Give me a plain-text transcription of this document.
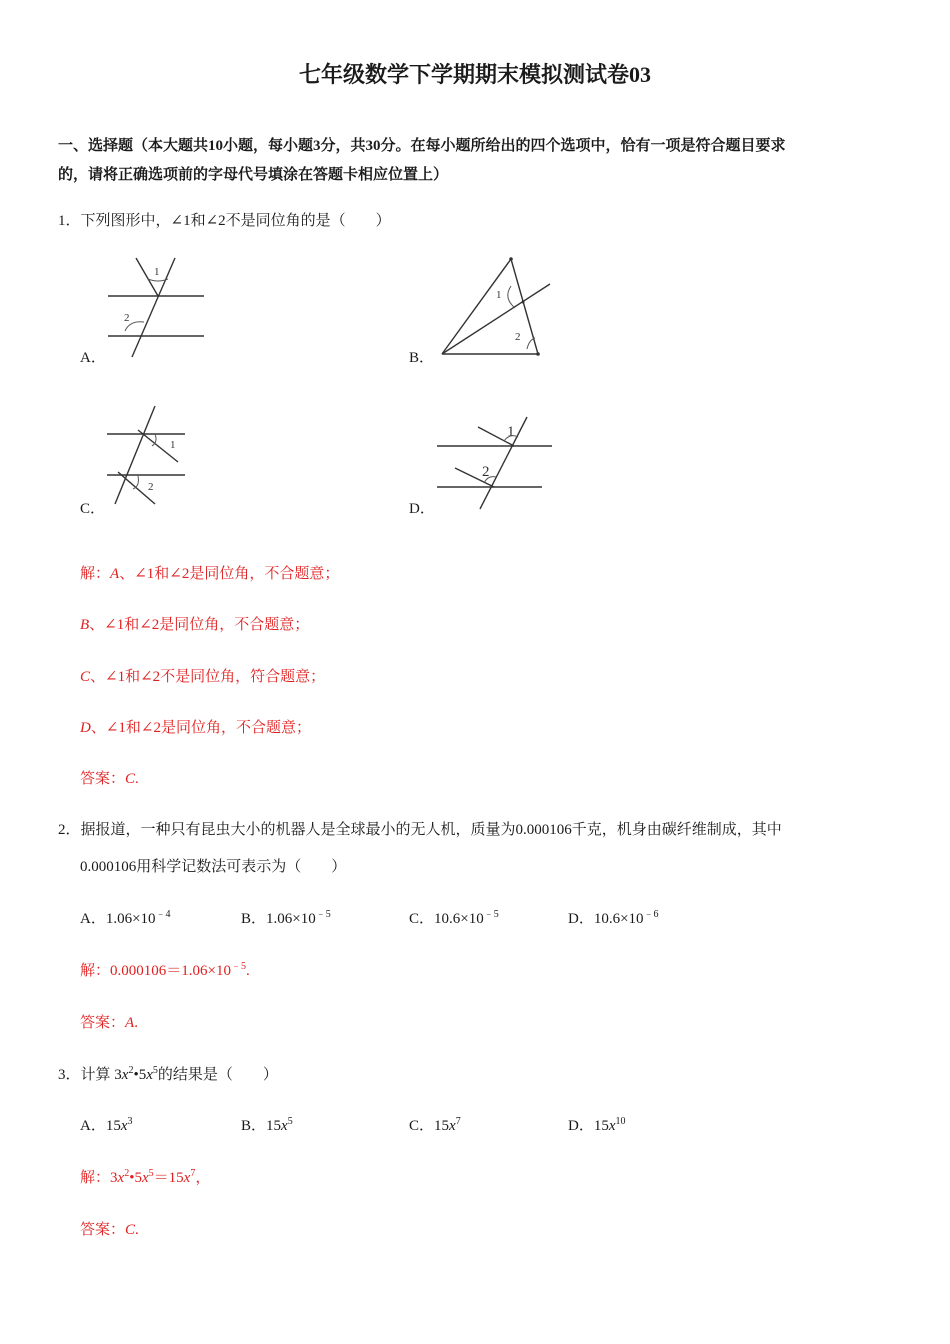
七年级数学下学期期末模拟测试卷03
一、选择题（本大题共10小题，每小题3分，共30分。在每小题所给出的四个选项中，恰有一项是符合题目要求
的，请将正确选项前的字母代号填涂在答题卡相应位置上）
1．下列图形中，∠1和∠2不是同位角的是（　　）
A．	B．
C．	D．
1
2
1
2
1
2
1
2
解：A、∠1和∠2是同位角，不合题意；
B、∠1和∠2是同位角，不合题意；
C、∠1和∠2不是同位角，符合题意；
D、∠1和∠2是同位角，不合题意；
答案：C.
2．据报道，一种只有昆虫大小的机器人是全球最小的无人机，质量为0.000106千克，机身由碳纤维制成，其中
0.000106用科学记数法可表示为（　　）
A．$1.06\times 10^{﹣4}$	B．$1.06\times 10^{﹣5}$	C．$10.6\times 10^{﹣5}$	D．$10.6\times 10^{﹣6}$
解：$0.000106=1.06\times 10^{﹣5}$.
答案：A.
3．计算 $3x^2•5x^5$的结果是（　　）
A．$15x^3$	B．$15x^5$	C．$15x^7$	D．$15x^{10}$
解：$3x^2•5x^5=15x^7$，
答案：C.
